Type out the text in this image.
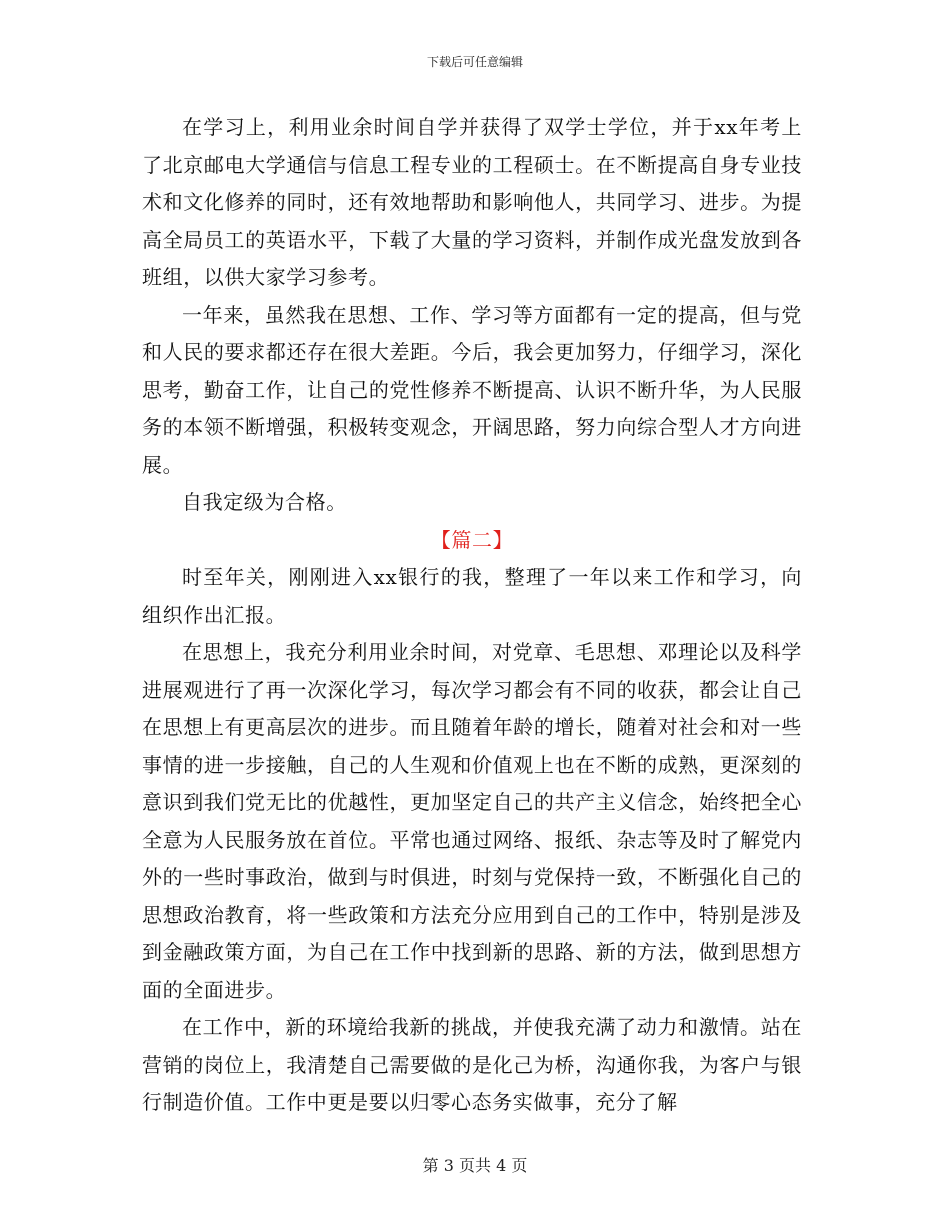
下载后可任意编辑

在学习上，利用业余时间自学并获得了双学士学位，并于xx年考上了北京邮电大学通信与信息工程专业的工程硕士。在不断提高自身专业技术和文化修养的同时，还有效地帮助和影响他人，共同学习、进步。为提高全局员工的英语水平，下载了大量的学习资料，并制作成光盘发放到各班组，以供大家学习参考。

一年来，虽然我在思想、工作、学习等方面都有一定的提高，但与党和人民的要求都还存在很大差距。今后，我会更加努力，仔细学习，深化思考，勤奋工作，让自己的党性修养不断提高、认识不断升华，为人民服务的本领不断增强，积极转变观念，开阔思路，努力向综合型人才方向进展。

自我定级为合格。

【篇二】

时至年关，刚刚进入xx银行的我，整理了一年以来工作和学习，向组织作出汇报。

在思想上，我充分利用业余时间，对党章、毛思想、邓理论以及科学进展观进行了再一次深化学习，每次学习都会有不同的收获，都会让自己在思想上有更高层次的进步。而且随着年龄的增长，随着对社会和对一些事情的进一步接触，自己的人生观和价值观上也在不断的成熟，更深刻的意识到我们党无比的优越性，更加坚定自己的共产主义信念，始终把全心全意为人民服务放在首位。平常也通过网络、报纸、杂志等及时了解党内外的一些时事政治，做到与时俱进，时刻与党保持一致，不断强化自己的思想政治教育，将一些政策和方法充分应用到自己的工作中，特别是涉及到金融政策方面，为自己在工作中找到新的思路、新的方法，做到思想方面的全面进步。

在工作中，新的环境给我新的挑战，并使我充满了动力和激情。站在营销的岗位上，我清楚自己需要做的是化己为桥，沟通你我，为客户与银行制造价值。工作中更是要以归零心态务实做事，充分了解

第 3 页共 4 页
